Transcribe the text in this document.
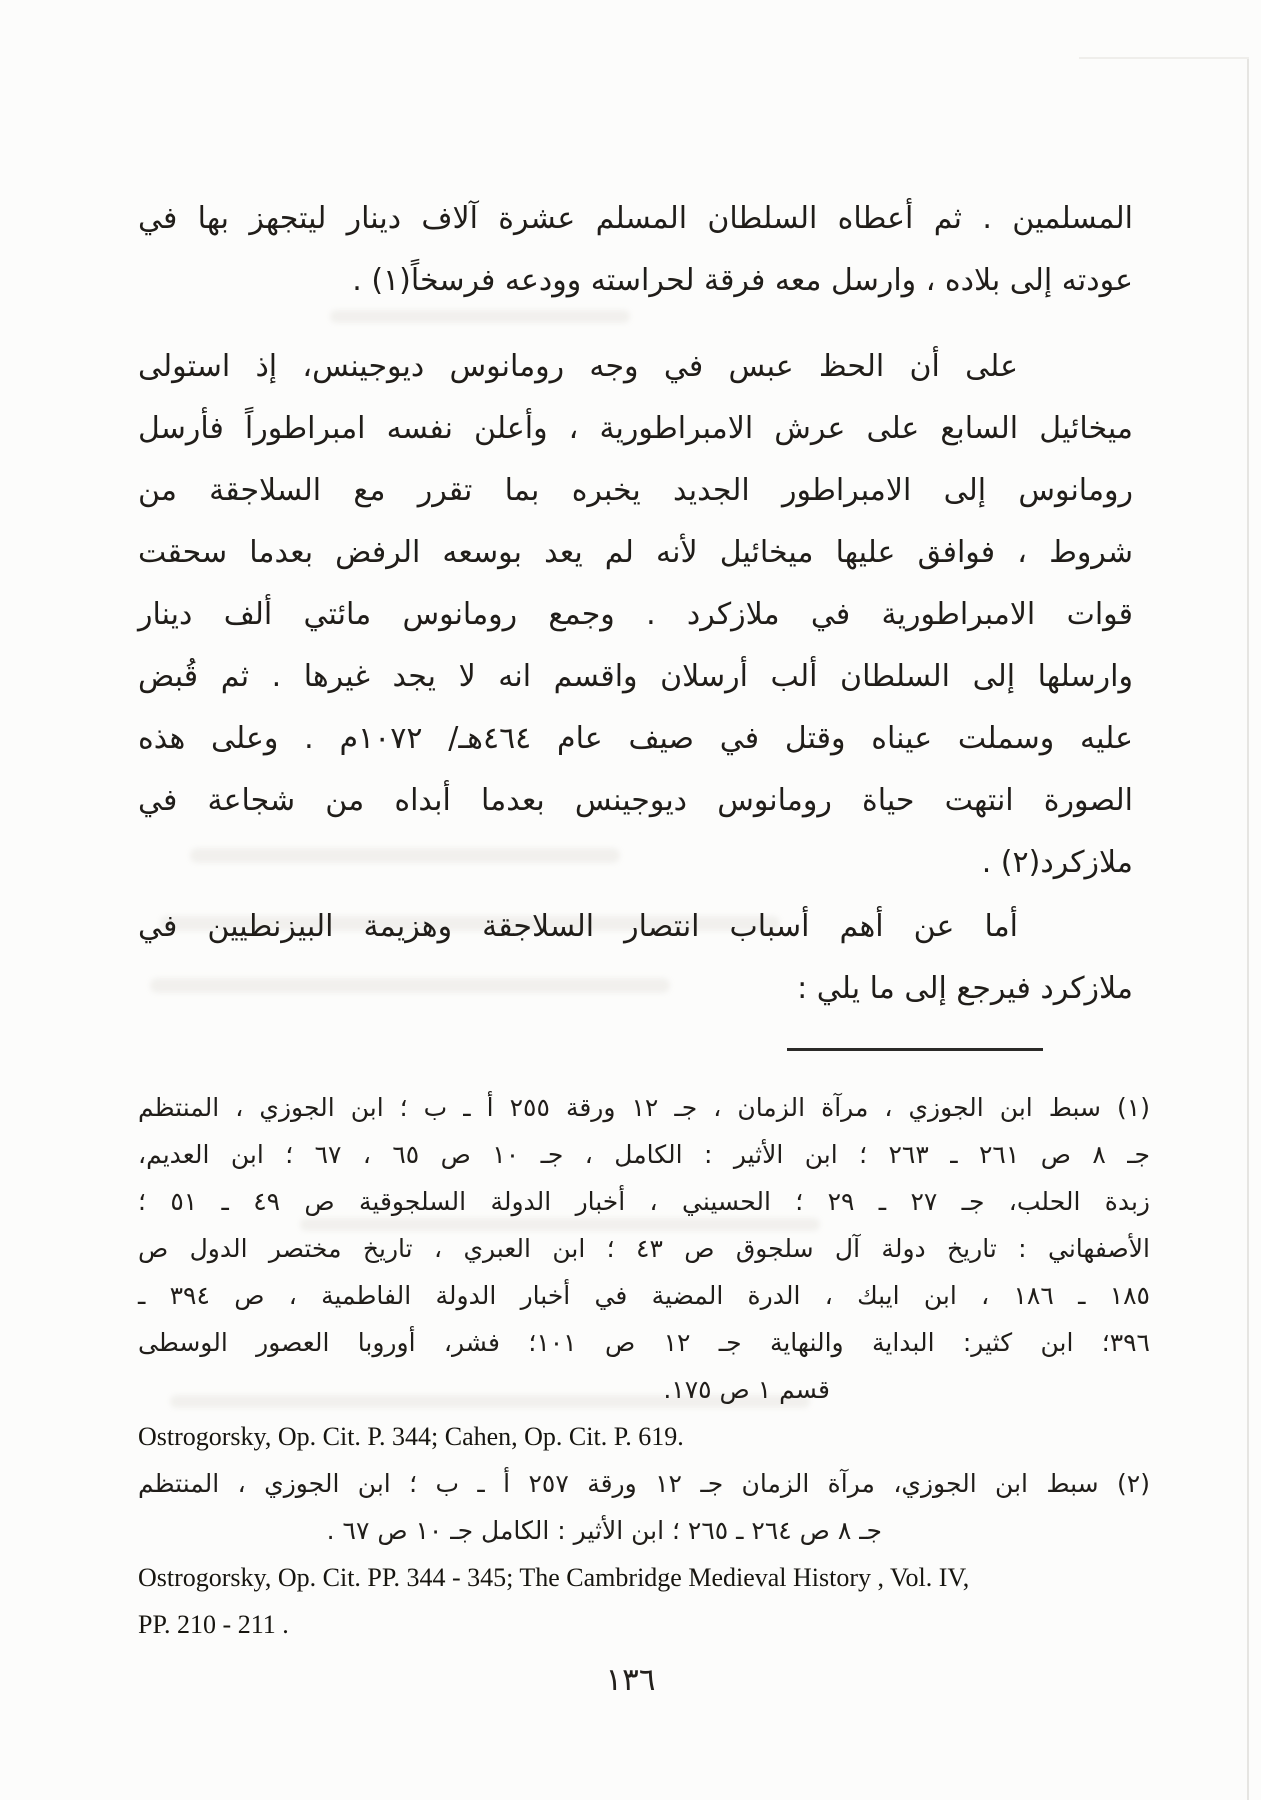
المسلمين . ثم أعطاه السلطان المسلم عشرة آلاف دينار ليتجهز بها في
عودته إلى بلاده ، وارسل معه فرقة لحراسته وودعه فرسخاً(١) .
على أن الحظ عبس في وجه رومانوس ديوجينس، إذ استولى
ميخائيل السابع على عرش الامبراطورية ، وأعلن نفسه امبراطوراً فأرسل
رومانوس إلى الامبراطور الجديد يخبره بما تقرر مع السلاجقة من
شروط ، فوافق عليها ميخائيل لأنه لم يعد بوسعه الرفض بعدما سحقت
قوات الامبراطورية في ملازكرد . وجمع رومانوس مائتي ألف دينار
وارسلها إلى السلطان ألب أرسلان واقسم انه لا يجد غيرها . ثم قُبض
عليه وسملت عيناه وقتل في صيف عام ٤٦٤هـ/ ١٠٧٢م . وعلى هذه
الصورة انتهت حياة رومانوس ديوجينس بعدما أبداه من شجاعة في
ملازكرد(٢) .
أما عن أهم أسباب انتصار السلاجقة وهزيمة البيزنطيين في
ملازكرد فيرجع إلى ما يلي :
(١) سبط ابن الجوزي ، مرآة الزمان ، جـ ١٢ ورقة ٢٥٥ أ ـ ب ؛ ابن الجوزي ، المنتظم
جـ ٨ ص ٢٦١ ـ ٢٦٣ ؛ ابن الأثير : الكامل ، جـ ١٠ ص ٦٥ ، ٦٧ ؛ ابن العديم،
زبدة الحلب، جـ ٢٧ ـ ٢٩ ؛ الحسيني ، أخبار الدولة السلجوقية ص ٤٩ ـ ٥١ ؛
الأصفهاني : تاريخ دولة آل سلجوق ص ٤٣ ؛ ابن العبري ، تاريخ مختصر الدول ص
١٨٥ ـ ١٨٦ ، ابن ايبك ، الدرة المضية في أخبار الدولة الفاطمية ، ص ٣٩٤ ـ
٣٩٦؛ ابن كثير: البداية والنهاية جـ ١٢ ص ١٠١؛ فشر، أوروبا العصور الوسطى
قسم ١ ص ١٧٥.
Ostrogorsky, Op. Cit. P. 344; Cahen, Op. Cit. P. 619.
(٢) سبط ابن الجوزي، مرآة الزمان جـ ١٢ ورقة ٢٥٧ أ ـ ب ؛ ابن الجوزي ، المنتظم
جـ ٨ ص ٢٦٤ ـ ٢٦٥ ؛ ابن الأثير : الكامل جـ ١٠ ص ٦٧ .
Ostrogorsky, Op. Cit. PP. 344 - 345; The Cambridge Medieval History , Vol. IV,
PP. 210 - 211 .
١٣٦
